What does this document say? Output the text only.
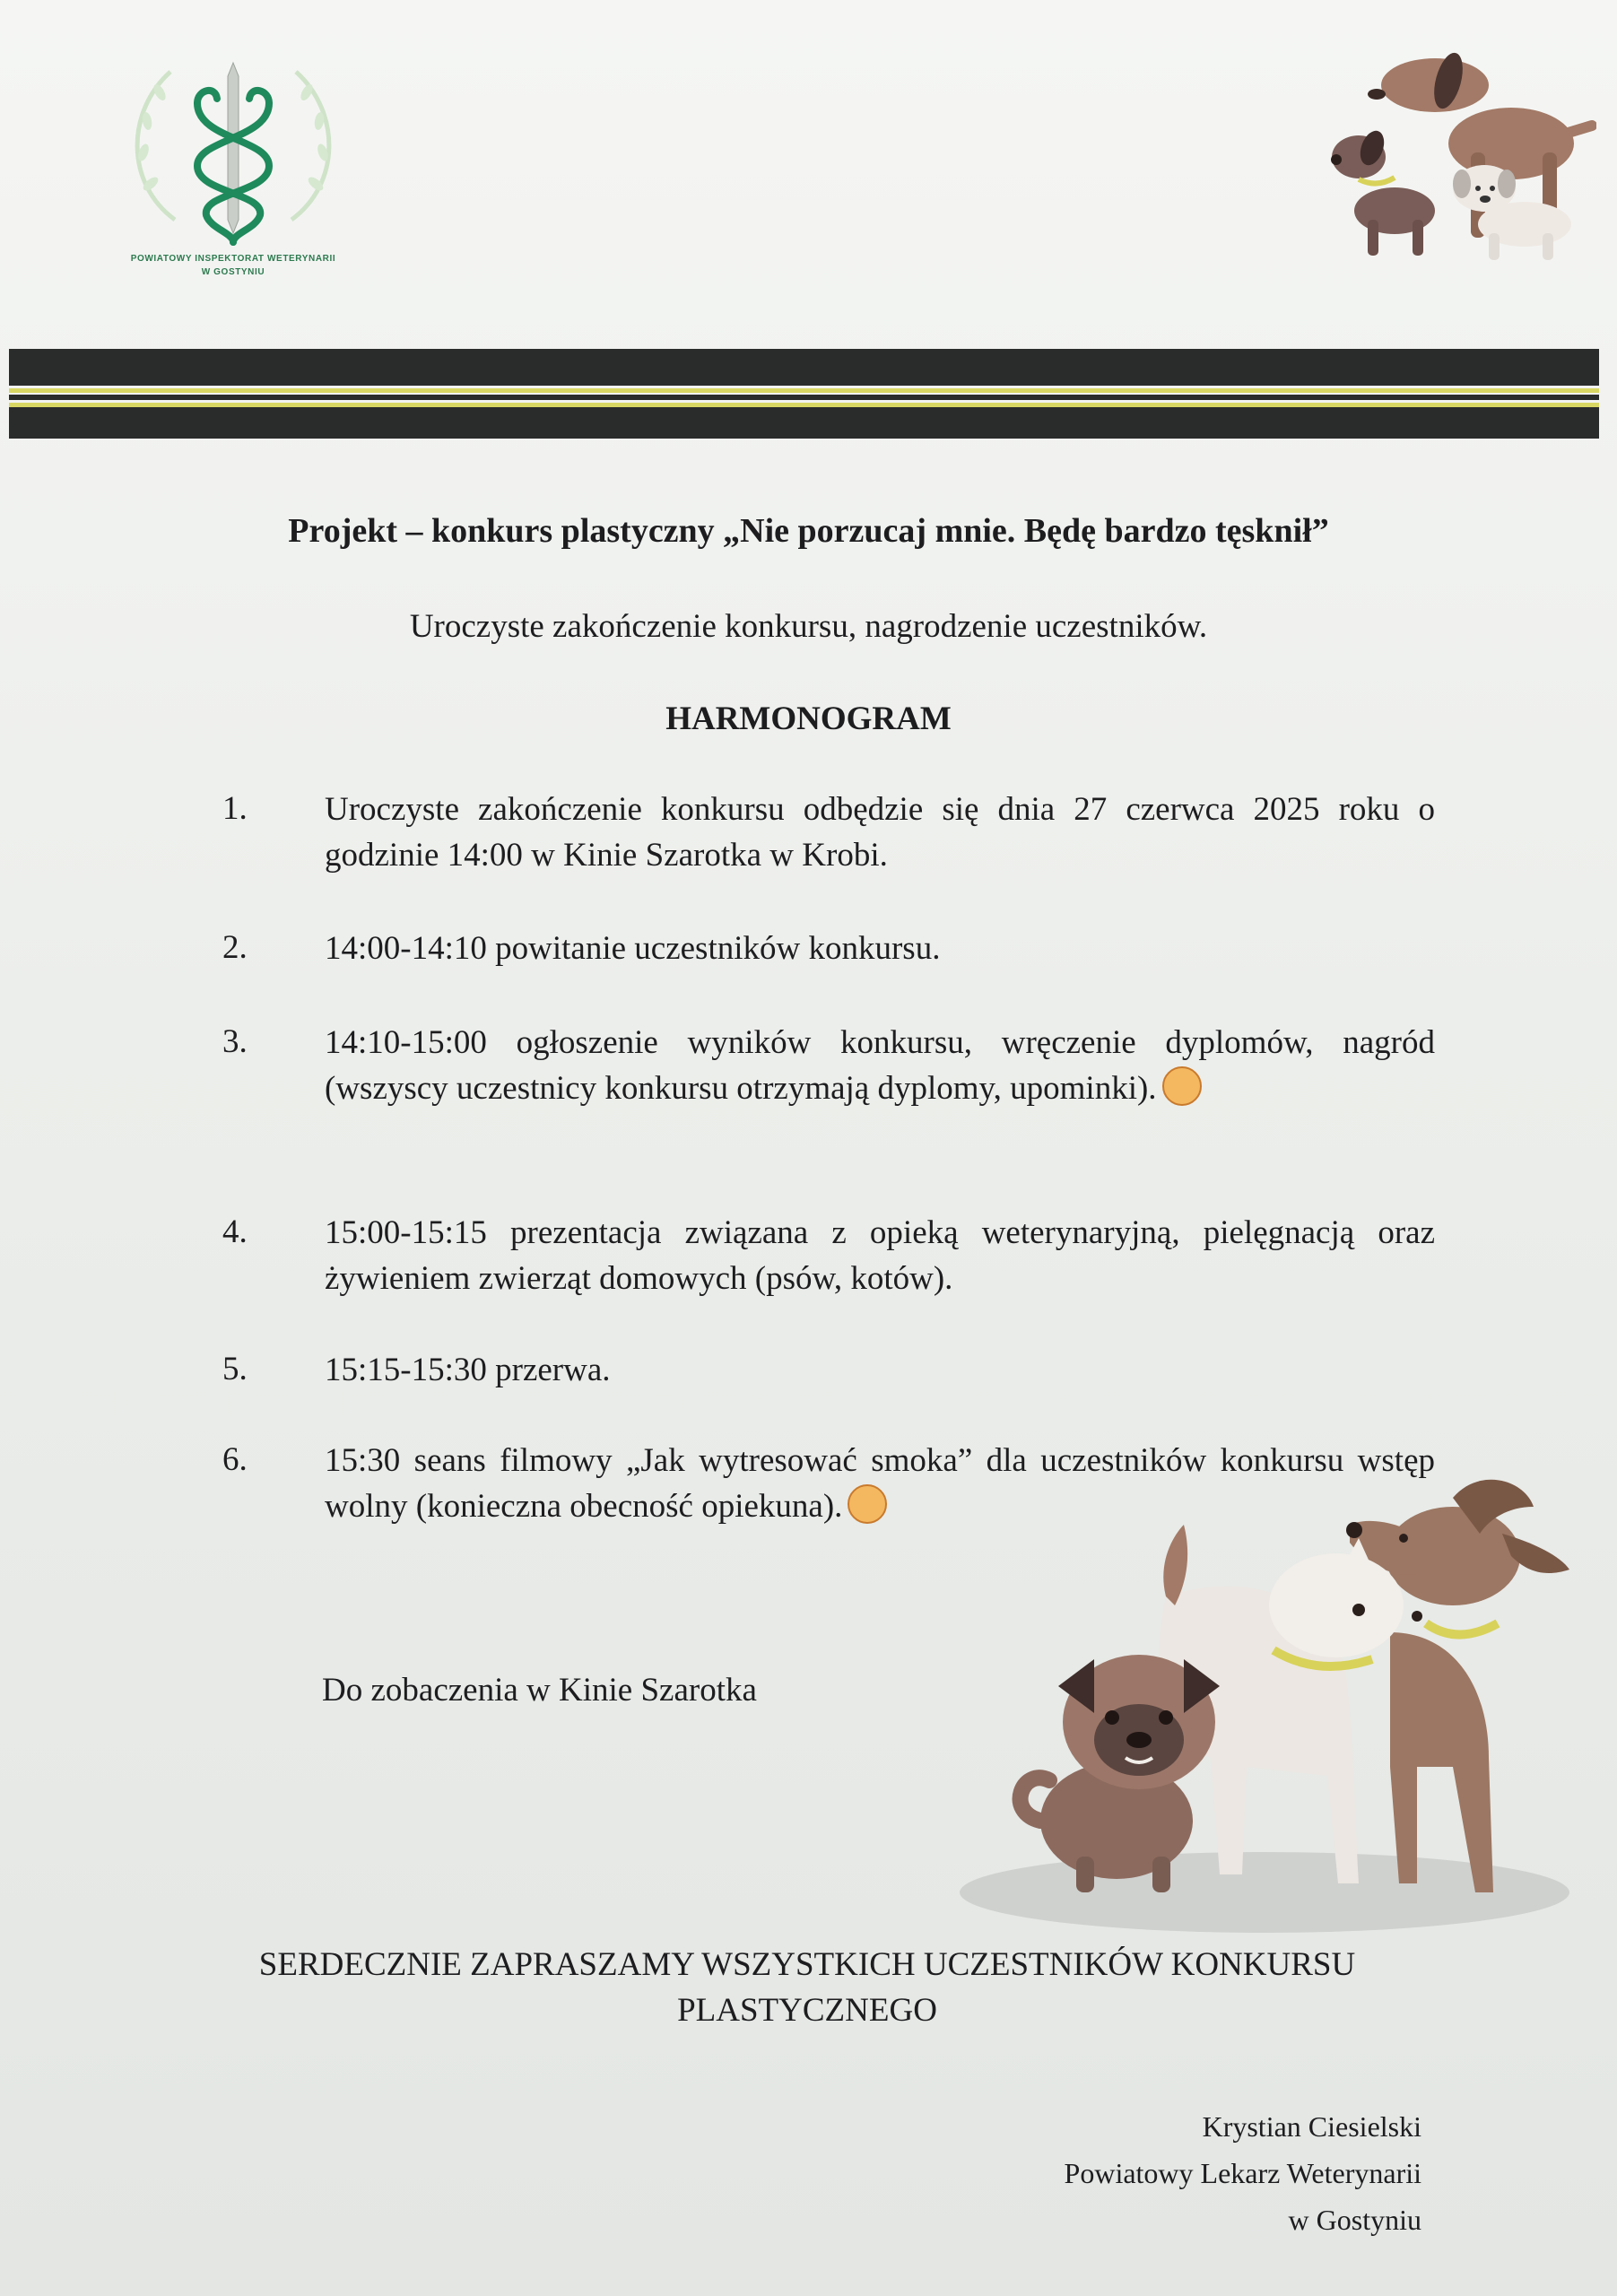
POWIATOWY INSPEKTORAT WETERYNARII
W GOSTYNIU
Projekt – konkurs plastyczny „Nie porzucaj mnie. Będę bardzo tęsknił”
Uroczyste zakończenie konkursu, nagrodzenie uczestników.
HARMONOGRAM
1. Uroczyste zakończenie konkursu odbędzie się dnia 27 czerwca 2025 roku o godzinie 14:00 w Kinie Szarotka w Krobi.
2. 14:00-14:10 powitanie uczestników konkursu.
3. 14:10-15:00 ogłoszenie wyników konkursu, wręczenie dyplomów, nagród (wszyscy uczestnicy konkursu otrzymają dyplomy, upominki).
4. 15:00-15:15 prezentacja związana z opieką weterynaryjną, pielęgnacją oraz żywieniem zwierząt domowych (psów, kotów).
5. 15:15-15:30 przerwa.
6. 15:30 seans filmowy „Jak wytresować smoka” dla uczestników konkursu wstęp wolny (konieczna obecność opiekuna).
Do zobaczenia w Kinie Szarotka
SERDECZNIE ZAPRASZAMY WSZYSTKICH UCZESTNIKÓW KONKURSU
PLASTYCZNEGO
Krystian Ciesielski
Powiatowy Lekarz Weterynarii
w Gostyniu
